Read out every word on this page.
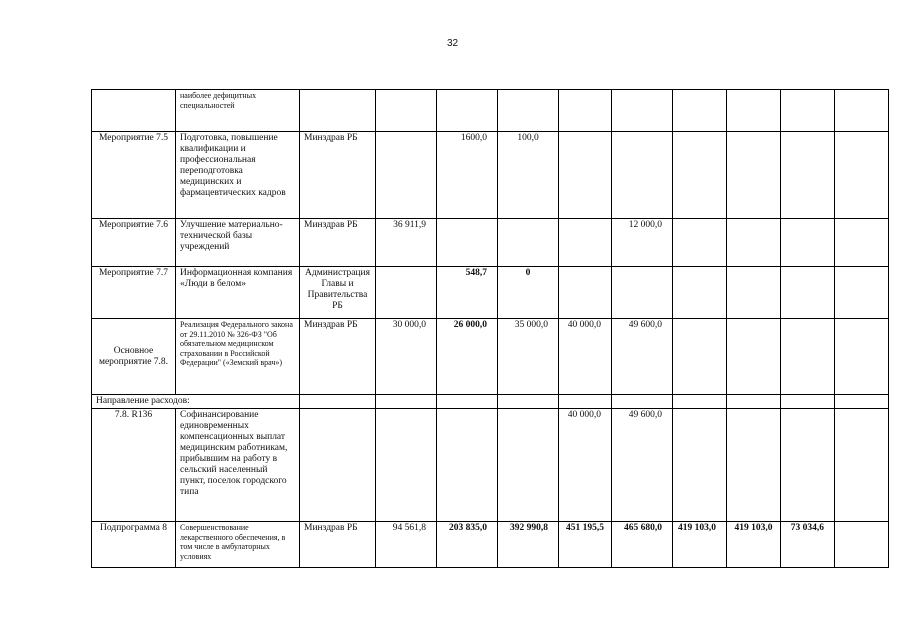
32
	наиболее дефицитных специальностей										
Мероприятие 7.5	Подготовка, повышение квалификации и профессиональная переподготовка медицинских и фармацевтических кадров	Минздрав РБ		1600,0	100,0						
Мероприятие 7.6	Улучшение материально-технической базы учреждений	Минздрав РБ	36 911,9				12 000,0				
Мероприятие 7.7	Информационная компания «Люди в белом»	Администрация Главы и Правительства РБ		548,7	0						
Основное мероприятие 7.8.	Реализация Федерального закона от 29.11.2010 № 326-ФЗ "Об обязательном медицинском страховании в Российской Федерации" («Земский врач»)	Минздрав РБ	30 000,0	26 000,0	35 000,0	40 000,0	49 600,0				
Направление расходов:											
7.8. R136	Софинансирование единовременных компенсационных выплат медицинским работникам, прибывшим на работу в сельский населенный пункт, поселок городского типа					40 000,0	49 600,0				
Подпрограмма 8	Совершенствование лекарственного обеспечения, в том числе в амбулаторных условиях	Минздрав РБ	94 561,8	203 835,0	392 990,8	451 195,5	465 680,0	419 103,0	419 103,0	73 034,6	
